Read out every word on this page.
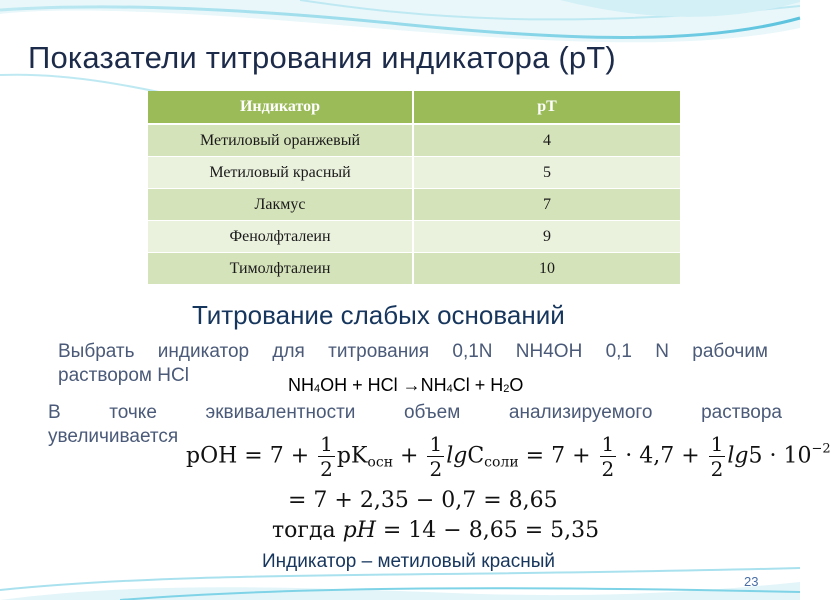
Показатели титрования индикатора (рТ)
Индикатор	рТ
Метиловый оранжевый	4
Метиловый красный	5
Лакмус	7
Фенолфталеин	9
Тимолфталеин	10
Титрование слабых оснований
Выбрать индикатор для титрования 0,1N NH4OH 0,1 N рабочим
раствором HCl	$NH_4OH$ + HCl $\to NH_4Cl + H_2O$
В точке эквивалентности объем анализируемого раствора
увеличивается
pOH = $7 + \frac{1}{2}$ pKосн + $\frac{1}{2}$ lgCсоли = $7 + \frac{1}{2} \cdot 4,7 + \frac{1}{2} \lg 5 \cdot 10^{-2}$
= 7 + 2,35 − 0,7 = 8,65
тогда pH = 14 − 8,65 = 5,35
Индикатор – метиловый красный
23
